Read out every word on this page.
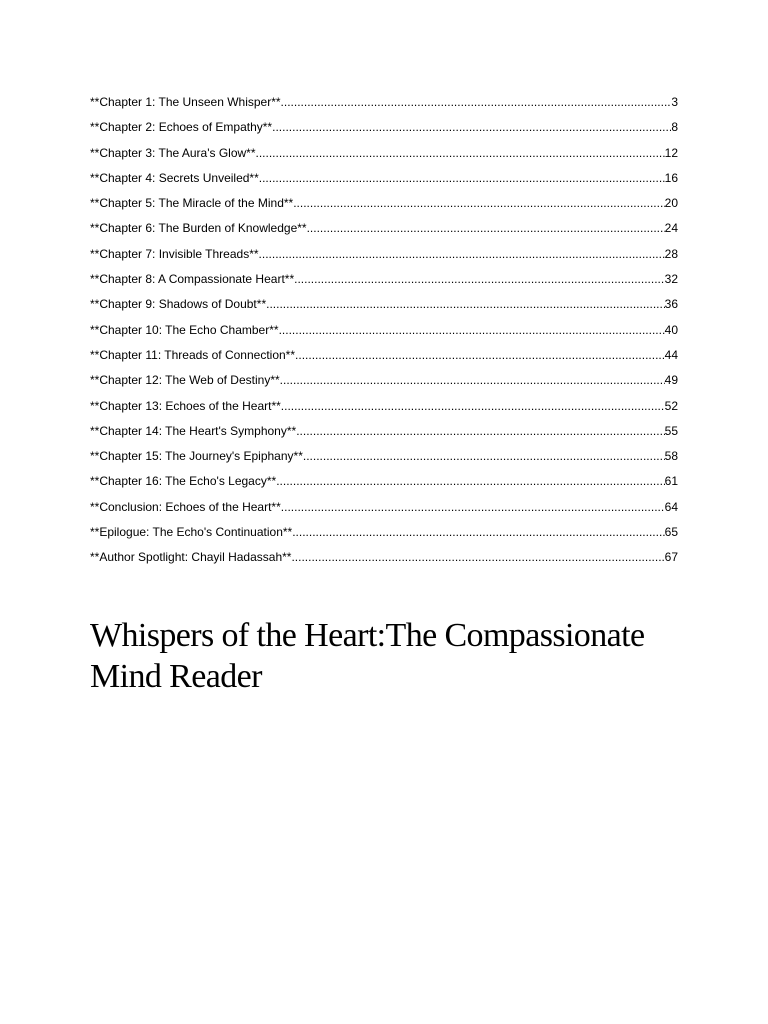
**Chapter 1: The Unseen Whisper** .....	3
**Chapter 2: Echoes of Empathy** .....	8
**Chapter 3: The Aura's Glow** .....	12
**Chapter 4: Secrets Unveiled** .....	16
**Chapter 5: The Miracle of the Mind** .....	20
**Chapter 6: The Burden of Knowledge** .....	24
**Chapter 7: Invisible Threads** .....	28
**Chapter 8: A Compassionate Heart** .....	32
**Chapter 9: Shadows of Doubt** .....	36
**Chapter 10: The Echo Chamber** .....	40
**Chapter 11: Threads of Connection** .....	44
**Chapter 12: The Web of Destiny** .....	49
**Chapter 13: Echoes of the Heart** .....	52
**Chapter 14: The Heart's Symphony** .....	55
**Chapter 15: The Journey's Epiphany** .....	58
**Chapter 16: The Echo's Legacy** .....	61
**Conclusion: Echoes of the Heart** .....	64
**Epilogue: The Echo's Continuation** .....	65
**Author Spotlight: Chayil Hadassah** .....	67
Whispers of the Heart:The Compassionate Mind Reader
